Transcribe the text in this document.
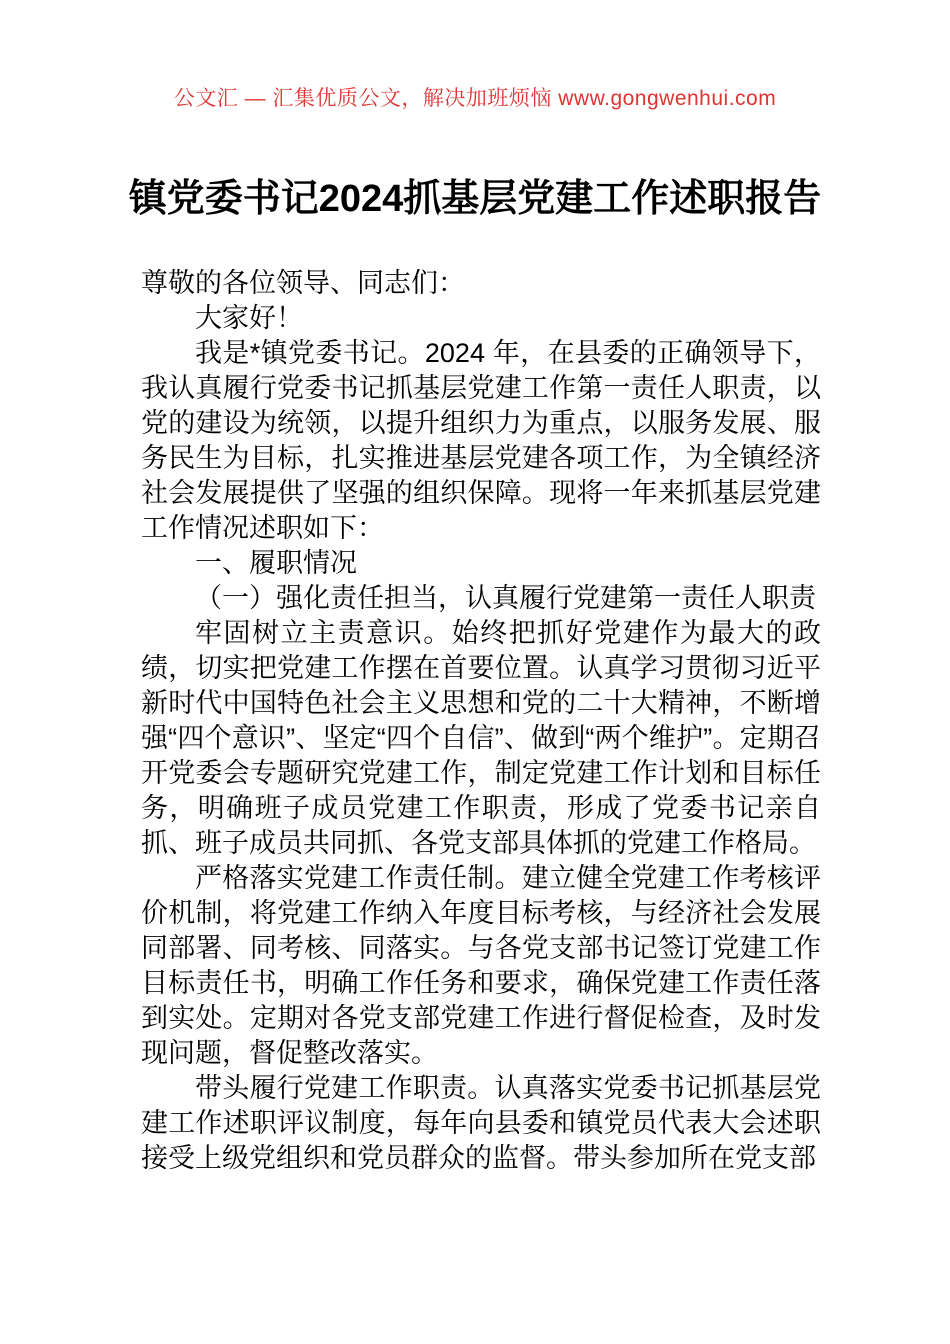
公文汇 — 汇集优质公文，解决加班烦恼 www.gongwenhui.com
镇党委书记2024抓基层党建工作述职报告

尊敬的各位领导、同志们：

大家好！

我是*镇党委书记。2024 年，在县委的正确领导下，我认真履行党委书记抓基层党建工作第一责任人职责，以党的建设为统领，以提升组织力为重点，以服务发展、服务民生为目标，扎实推进基层党建各项工作，为全镇经济社会发展提供了坚强的组织保障。现将一年来抓基层党建工作情况述职如下：

一、履职情况

（一）强化责任担当，认真履行党建第一责任人职责

牢固树立主责意识。始终把抓好党建作为最大的政绩，切实把党建工作摆在首要位置。认真学习贯彻习近平新时代中国特色社会主义思想和党的二十大精神，不断增强“四个意识”、坚定“四个自信”、做到“两个维护”。定期召开党委会专题研究党建工作，制定党建工作计划和目标任务，明确班子成员党建工作职责，形成了党委书记亲自抓、班子成员共同抓、各党支部具体抓的党建工作格局。

严格落实党建工作责任制。建立健全党建工作考核评价机制，将党建工作纳入年度目标考核，与经济社会发展同部署、同考核、同落实。与各党支部书记签订党建工作目标责任书，明确工作任务和要求，确保党建工作责任落到实处。定期对各党支部党建工作进行督促检查，及时发现问题，督促整改落实。

带头履行党建工作职责。认真落实党委书记抓基层党建工作述职评议制度，每年向县委和镇党员代表大会述职接受上级党组织和党员群众的监督。带头参加所在党支部
